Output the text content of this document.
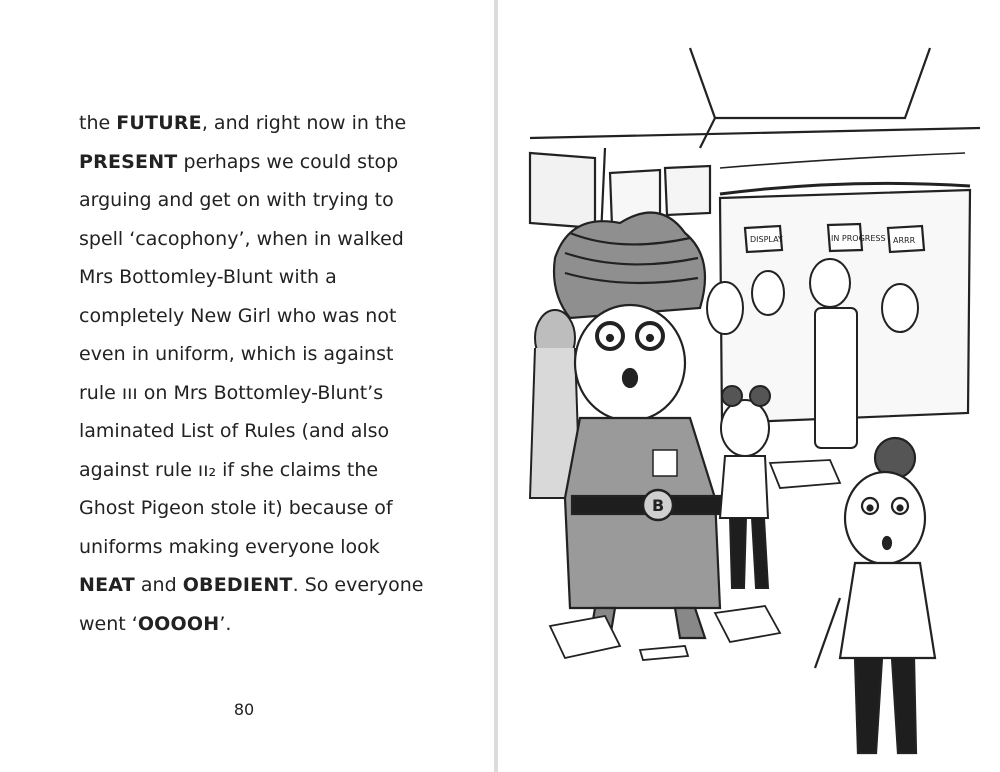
the FUTURE, and right now in the
PRESENT perhaps we could stop
arguing and get on with trying to
spell ‘cacophony’, when in walked
Mrs Bottomley-Blunt with a
completely New Girl who was not
even in uniform, which is against
rule ııı on Mrs Bottomley-Blunt’s
laminated List of Rules (and also
against rule ıı₂ if she claims the
Ghost Pigeon stole it) because of
uniforms making everyone look
NEAT and OBEDIENT. So everyone
went ‘OOOOH’.
80
DISPLAY	IN PROGRESS ARRR
B
